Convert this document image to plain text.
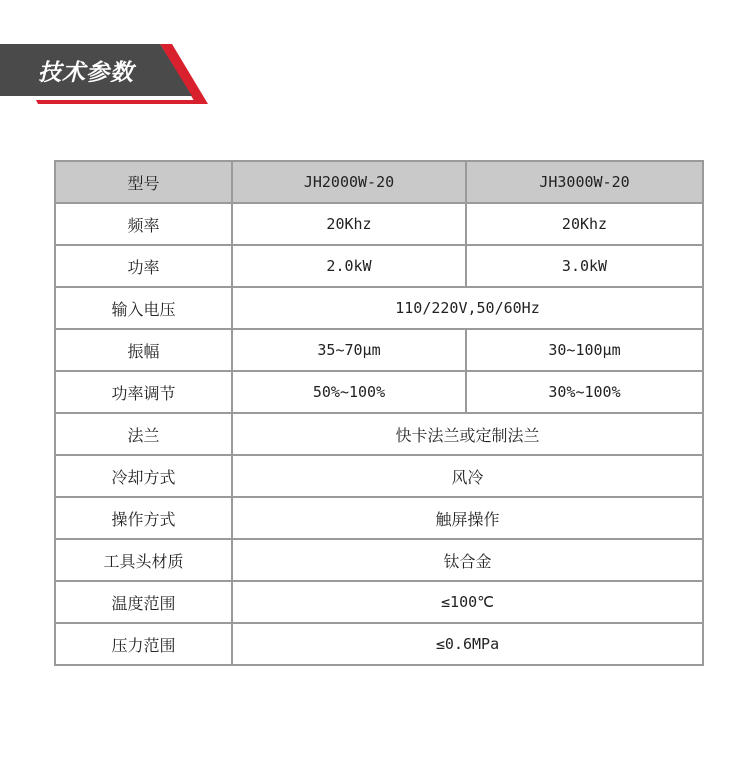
技术参数
型号	JH2000W-20	JH3000W-20
频率	20Khz	20Khz
功率	2.0kW	3.0kW
输入电压	110/220V,50/60Hz	
振幅	35~70μm	30~100μm
功率调节	50%~100%	30%~100%
法兰	快卡法兰或定制法兰	
冷却方式	风冷	
操作方式	触屏操作	
工具头材质	钛合金	
温度范围	≤100℃	
压力范围	≤0.6MPa	
